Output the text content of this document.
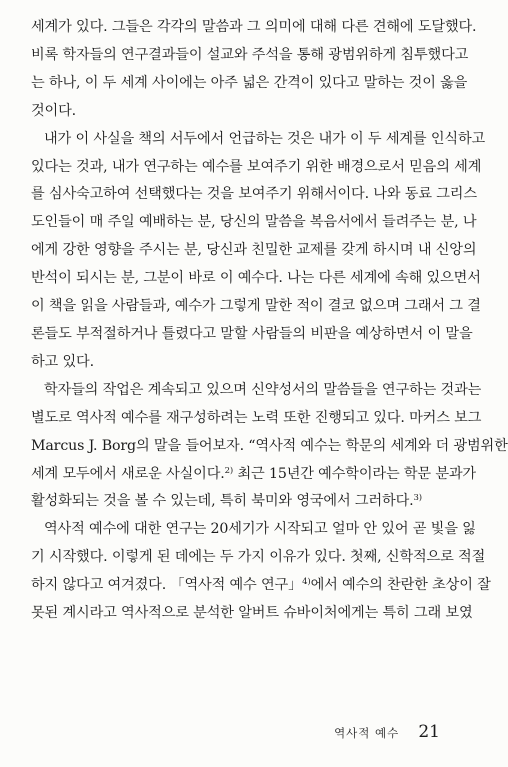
세계가 있다. 그들은 각각의 말씀과 그 의미에 대해 다른 견해에 도달했다.
비록 학자들의 연구결과들이 설교와 주석을 통해 광범위하게 침투했다고
는 하나, 이 두 세계 사이에는 아주 넓은 간격이 있다고 말하는 것이 옳을
것이다.
내가 이 사실을 책의 서두에서 언급하는 것은 내가 이 두 세계를 인식하고
있다는 것과, 내가 연구하는 예수를 보여주기 위한 배경으로서 믿음의 세계
를 심사숙고하여 선택했다는 것을 보여주기 위해서이다. 나와 동료 그리스
도인들이 매 주일 예배하는 분, 당신의 말씀을 복음서에서 들려주는 분, 나
에게 강한 영향을 주시는 분, 당신과 친밀한 교제를 갖게 하시며 내 신앙의
반석이 되시는 분, 그분이 바로 이 예수다. 나는 다른 세계에 속해 있으면서
이 책을 읽을 사람들과, 예수가 그렇게 말한 적이 결코 없으며 그래서 그 결
론들도 부적절하거나 틀렸다고 말할 사람들의 비판을 예상하면서 이 말을
하고 있다.
학자들의 작업은 계속되고 있으며 신약성서의 말씀들을 연구하는 것과는
별도로 역사적 예수를 재구성하려는 노력 또한 진행되고 있다. 마커스 보그
Marcus J. Borg의 말을 들어보자. “역사적 예수는 학문의 세계와 더 광범위한
세계 모두에서 새로운 사실이다.$^{2)}$ 최근 15년간 예수학이라는 학문 분과가
활성화되는 것을 볼 수 있는데, 특히 북미와 영국에서 그러하다.$^{3)}$
역사적 예수에 대한 연구는 20세기가 시작되고 얼마 안 있어 곧 빛을 잃
기 시작했다. 이렇게 된 데에는 두 가지 이유가 있다. 첫째, 신학적으로 적절
하지 않다고 여겨졌다. 「역사적 예수 연구」$^{4)}$에서 예수의 찬란한 초상이 잘
못된 계시라고 역사적으로 분석한 알버트 슈바이처에게는 특히 그래 보였
역사적 예수 21
